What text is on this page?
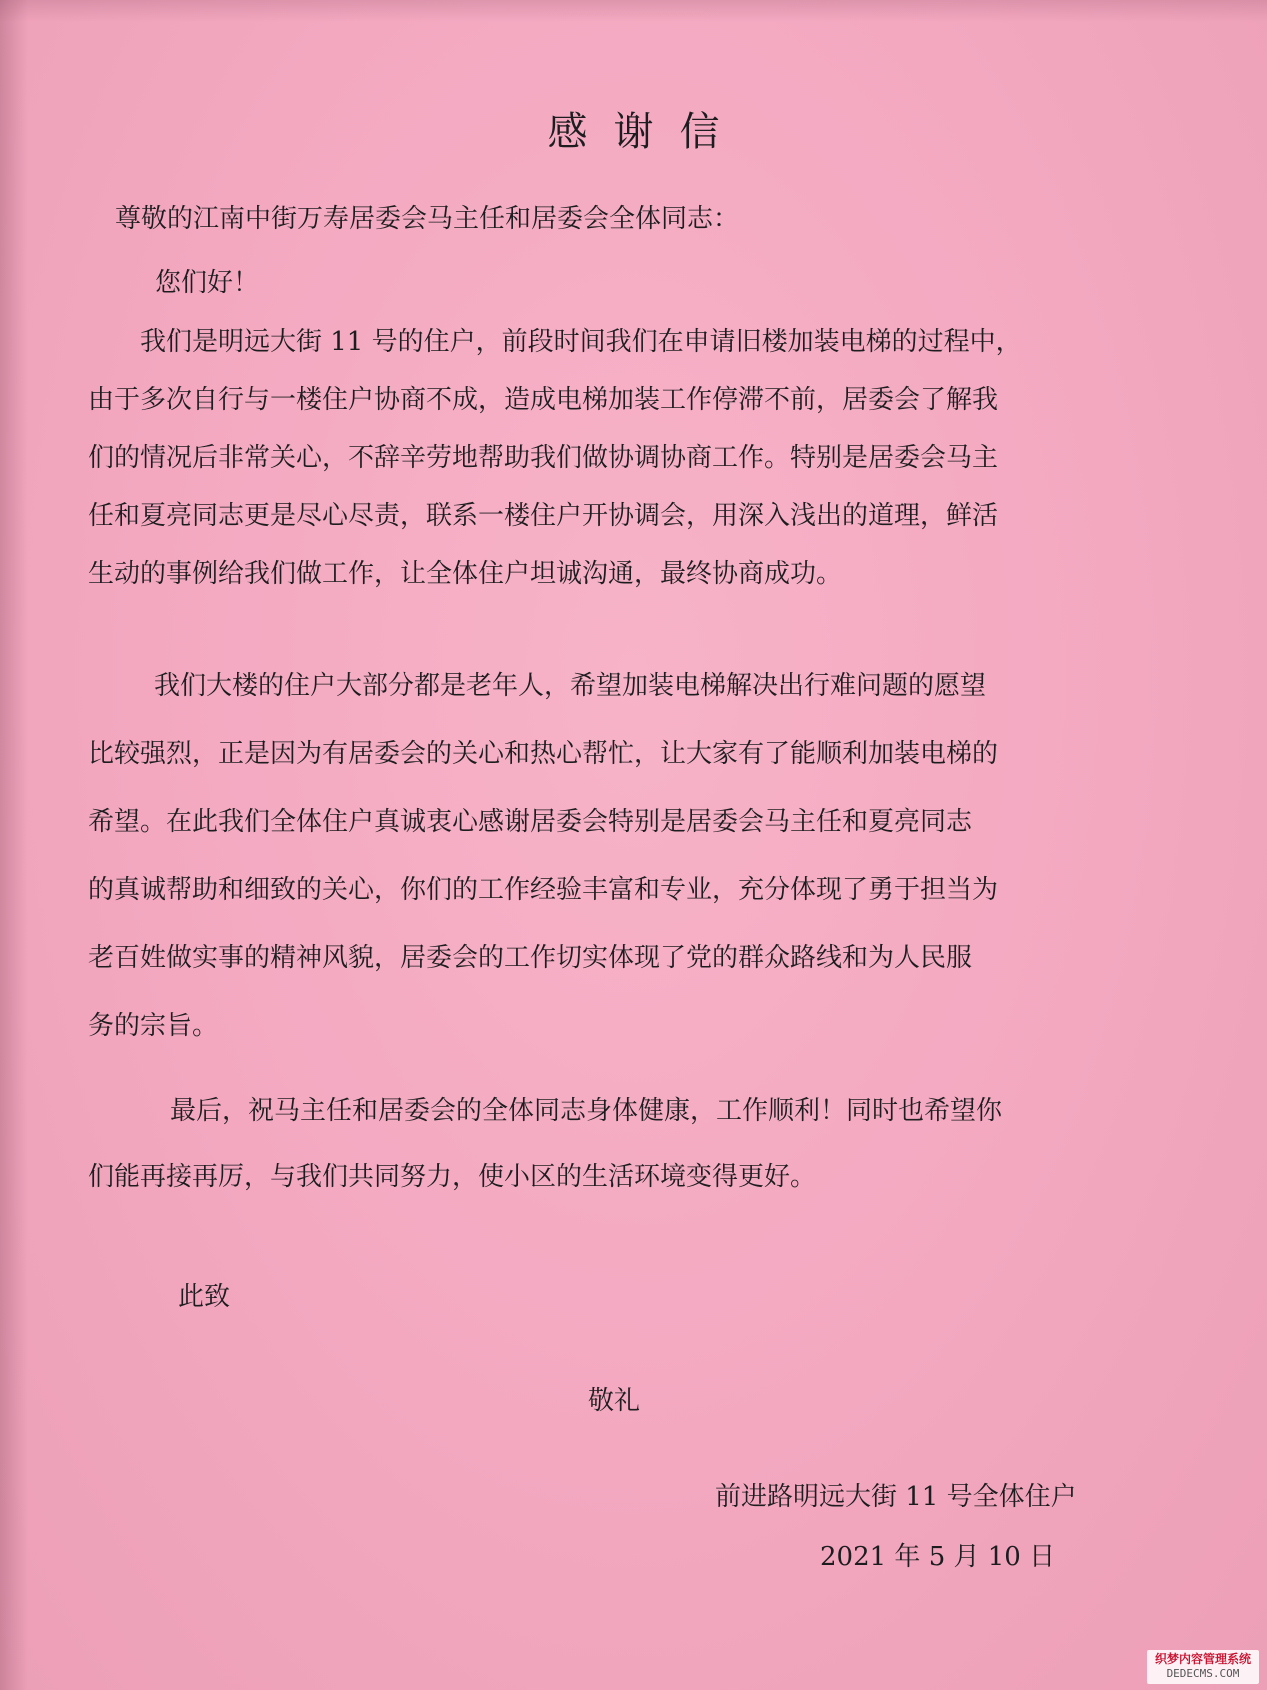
感谢信
尊敬的江南中街万寿居委会马主任和居委会全体同志：
您们好！
　我们是明远大街 11 号的住户，前段时间我们在申请旧楼加装电梯的过程中，
由于多次自行与一楼住户协商不成，造成电梯加装工作停滞不前，居委会了解我
们的情况后非常关心，不辞辛劳地帮助我们做协调协商工作。特别是居委会马主
任和夏亮同志更是尽心尽责，联系一楼住户开协调会，用深入浅出的道理，鲜活
生动的事例给我们做工作，让全体住户坦诚沟通，最终协商成功。
　我们大楼的住户大部分都是老年人，希望加装电梯解决出行难问题的愿望
比较强烈，正是因为有居委会的关心和热心帮忙，让大家有了能顺利加装电梯的
希望。在此我们全体住户真诚衷心感谢居委会特别是居委会马主任和夏亮同志
的真诚帮助和细致的关心，你们的工作经验丰富和专业，充分体现了勇于担当为
老百姓做实事的精神风貌，居委会的工作切实体现了党的群众路线和为人民服
务的宗旨。
　最后，祝马主任和居委会的全体同志身体健康，工作顺利！同时也希望你
们能再接再厉，与我们共同努力，使小区的生活环境变得更好。
此致
敬礼
前进路明远大街 11 号全体住户
2021 年 5 月 10 日
织梦内容管理系统
DEDECMS.COM
